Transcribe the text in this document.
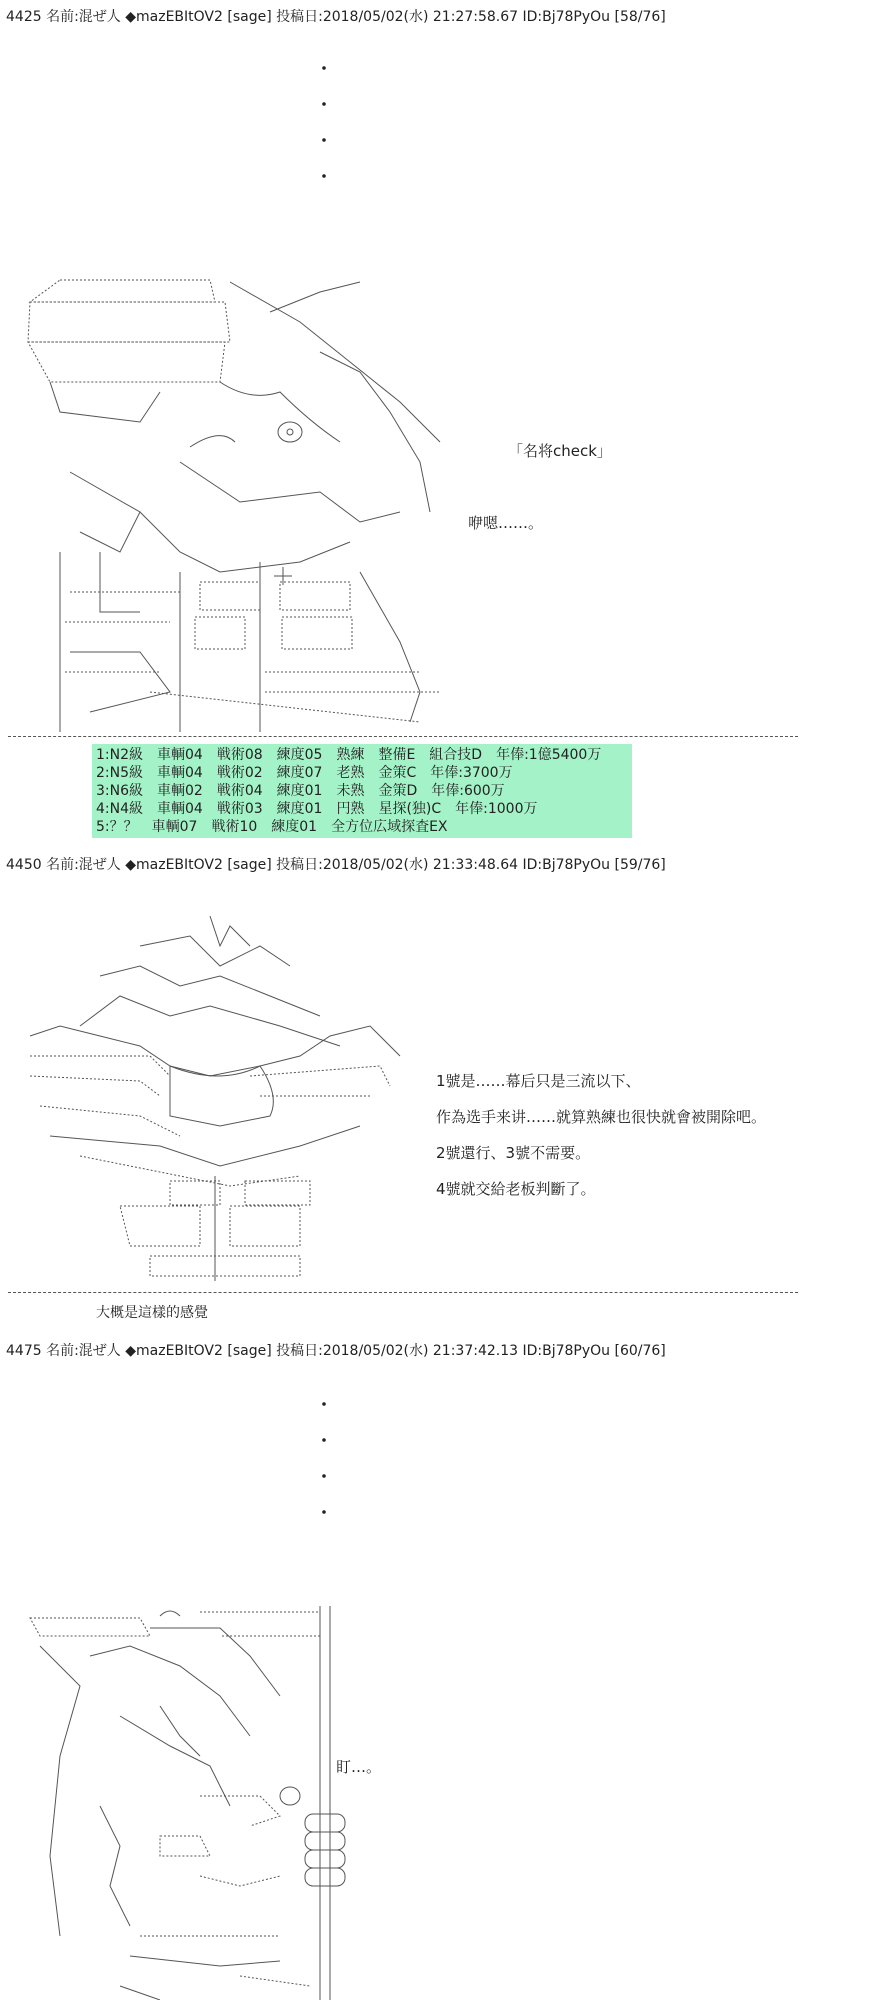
4425 名前:混ぜ人 ◆mazEBItOV2 [sage] 投稿日:2018/05/02(水) 21:27:58.67 ID:Bj78PyOu [58/76]
・
・
・
・
「名将check」
咿嗯……。
1:N2級　車輌04　戦術08　練度05　熟練　整備E　組合技D　年俸:1億5400万
2:N5級　車輌04　戦術02　練度07　老熟　金策C　年俸:3700万
3:N6級　車輌02　戦術04　練度01　未熟　金策D　年俸:600万
4:N4級　車輌04　戦術03　練度01　円熟　星探(独)C　年俸:1000万
5:？？　車輌07　戦術10　練度01　全方位広域探査EX
4450 名前:混ぜ人 ◆mazEBItOV2 [sage] 投稿日:2018/05/02(水) 21:33:48.64 ID:Bj78PyOu [59/76]
1號是……幕后只是三流以下、
作為选手来讲……就算熟練也很快就會被開除吧。
2號還行、3號不需要。
4號就交給老板判斷了。
大概是這樣的感覺
4475 名前:混ぜ人 ◆mazEBItOV2 [sage] 投稿日:2018/05/02(水) 21:37:42.13 ID:Bj78PyOu [60/76]
・
・
・
・
盯…。
